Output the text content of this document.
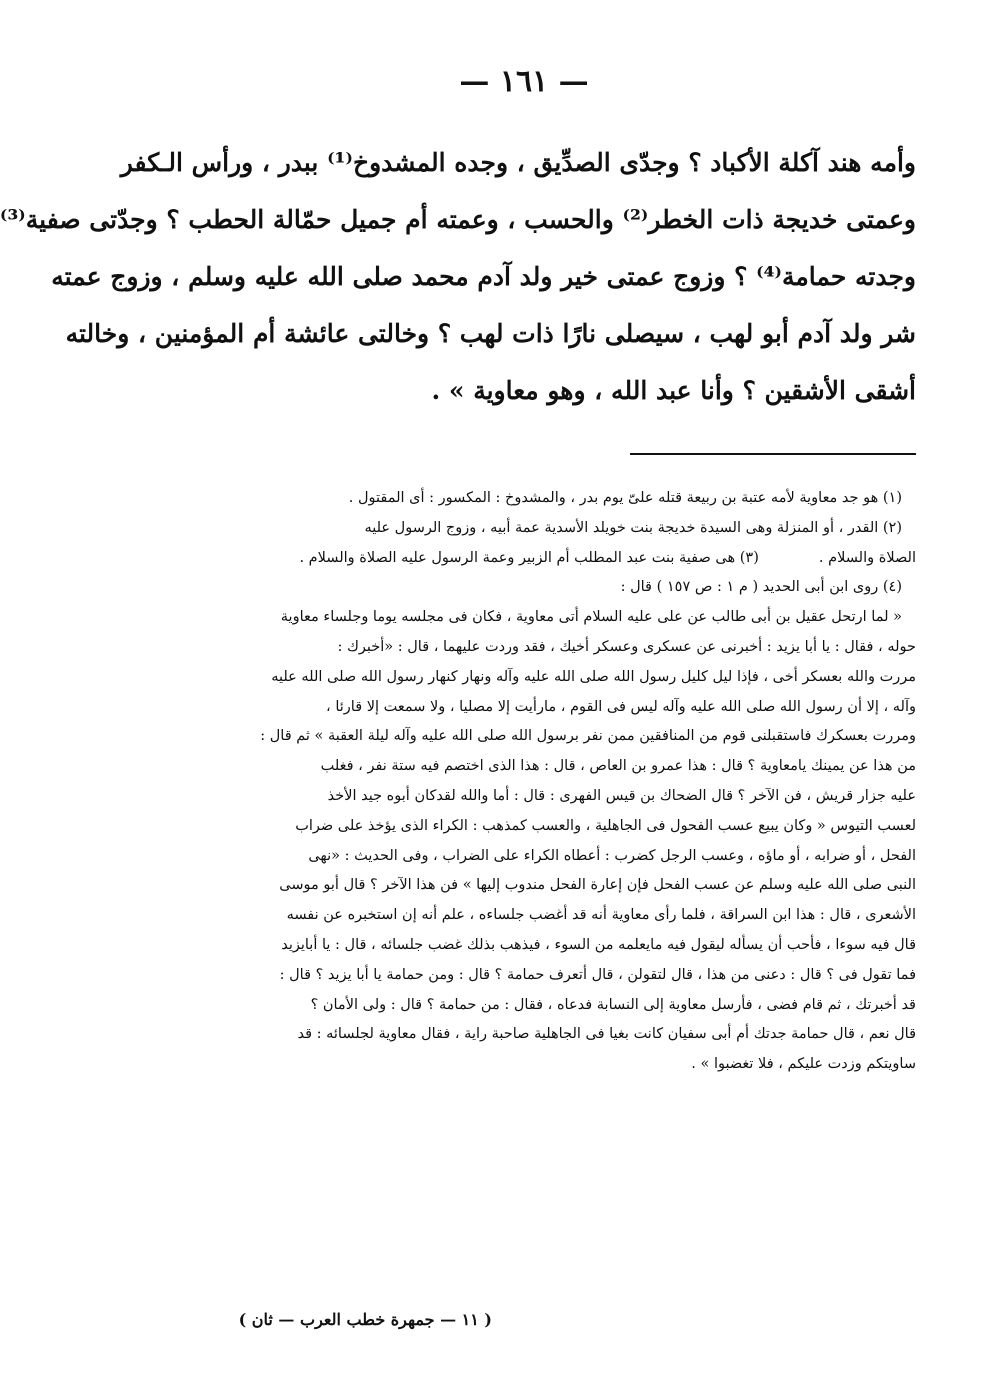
— ١٦١ —
وأمه هند آكلة الأكباد ؟ وجدّى الصدِّيق ، وجده المشدوخ⁽¹⁾ ببدر ، ورأس الـكفر
وعمتى خديجة ذات الخطر⁽²⁾ والحسب ، وعمته أم جميل حمّالة الحطب ؟ وجدّتى صفية⁽³⁾
وجدته حمامة⁽⁴⁾ ؟ وزوج عمتى خير ولد آدم محمد صلى الله عليه وسلم ، وزوج عمته
شر ولد آدم أبو لهب ، سيصلى نارًا ذات لهب ؟ وخالتى عائشة أم المؤمنين ، وخالته
أشقى الأشقين ؟ وأنا عبد الله ، وهو معاوية » .
(١) هو جد معاوية لأمه عتبة بن ربيعة قتله علىّ يوم بدر ، والمشدوخ : المكسور : أى المقتول .
(٢) القدر ، أو المنزلة وهى السيدة خديجة بنت خويلد الأسدية عمة أبيه ، وزوج الرسول عليه
الصلاة والسلام .(٣) هى صفية بنت عبد المطلب أم الزبير وعمة الرسول عليه الصلاة والسلام .
(٤) روى ابن أبى الحديد ( م ١ : ص ١٥٧ ) قال :
« لما ارتحل عقيل بن أبى طالب عن على عليه السلام أتى معاوية ، فكان فى مجلسه يوما وجلساء معاوية
حوله ، فقال : يا أبا يزيد : أخبرنى عن عسكرى وعسكر أخيك ، فقد وردت عليهما ، قال : «أخبرك :
مررت والله بعسكر أخى ، فإذا ليل كليل رسول الله صلى الله عليه وآله ونهار كنهار رسول الله صلى الله عليه
وآله ، إلا أن رسول الله صلى الله عليه وآله ليس فى القوم ، مارأيت إلا مصليا ، ولا سمعت إلا قارئا ،
ومررت بعسكرك فاستقبلنى قوم من المنافقين ممن نفر برسول الله صلى الله عليه وآله ليلة العقبة » ثم قال :
من هذا عن يمينك يامعاوية ؟ قال : هذا عمرو بن العاص ، قال : هذا الذى اختصم فيه ستة نفر ، فغلب
عليه جزار قريش ، فن الآخر ؟ قال الضحاك بن قيس الفهرى : قال : أما والله لقدكان أبوه جيد الأخذ
لعسب التيوس « وكان يبيع عسب الفحول فى الجاهلية ، والعسب كمذهب : الكراء الذى يؤخذ على ضراب
الفحل ، أو ضرابه ، أو ماؤه ، وعسب الرجل كضرب : أعطاه الكراء على الضراب ، وفى الحديث : «نهى
النبى صلى الله عليه وسلم عن عسب الفحل فإن إعارة الفحل مندوب إليها » فن هذا الآخر ؟ قال أبو موسى
الأشعرى ، قال : هذا ابن السراقة ، فلما رأى معاوية أنه قد أغضب جلساءه ، علم أنه إن استخبره عن نفسه
قال فيه سوءا ، فأحب أن يسأله ليقول فيه مايعلمه من السوء ، فيذهب بذلك غضب جلسائه ، قال : يا أبايزيد
فما تقول فى ؟ قال : دعنى من هذا ، قال لتقولن ، قال أتعرف حمامة ؟ قال : ومن حمامة يا أبا يزيد ؟ قال :
قد أخبرتك ، ثم قام فضى ، فأرسل معاوية إلى النسابة فدعاه ، فقال : من حمامة ؟ قال : ولى الأمان ؟
قال نعم ، قال حمامة جدتك أم أبى سفيان كانت بغيا فى الجاهلية صاحبة راية ، فقال معاوية لجلسائه : قد
ساويتكم وزدت عليكم ، فلا تغضبوا » .
( ١١ — جمهرة خطب العرب — ثان )
